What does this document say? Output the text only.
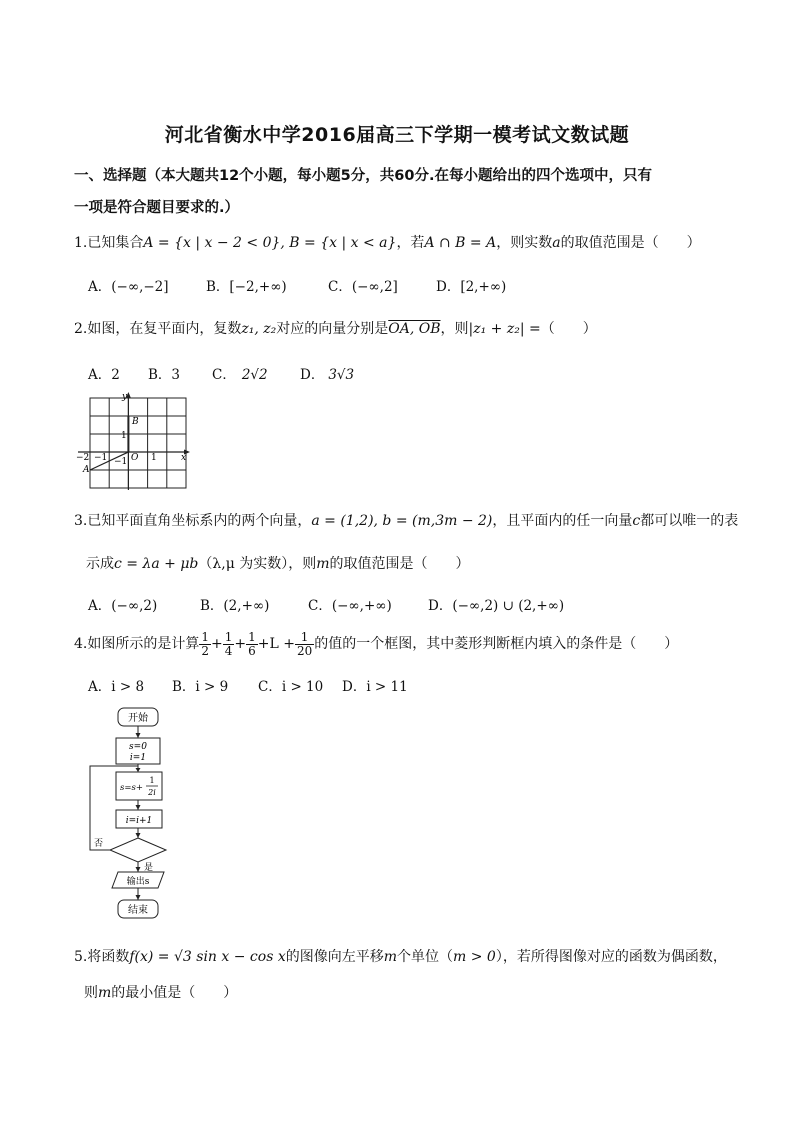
河北省衡水中学2016届高三下学期一模考试文数试题
一、选择题（本大题共12个小题，每小题5分，共60分.在每小题给出的四个选项中，只有
一项是符合题目要求的.）
1.已知集合A = {x | x − 2 < 0}, B = {x | x < a}，若A ∩ B = A，则实数a的取值范围是（　　）
A．(−∞,−2]	B．[−2,+∞)	C．(−∞,2]	D．[2,+∞)
2.如图，在复平面内，复数z₁, z₂对应的向量分别是OA, OB，则|z₁ + z₂| =（　　）
A．2 B．3 C． 2√2 D． 3√3
y
x
O
B
A
1
1
−1
−1
−2
3.已知平面直角坐标系内的两个向量，a = (1,2), b = (m,3m − 2)，且平面内的任一向量c都可以唯一的表
示成c = λa + μb（λ,μ 为实数），则m的取值范围是（　　）
A．(−∞,2)	B．(2,+∞)	C．(−∞,+∞)	D．(−∞,2) ∪ (2,+∞)
4.如图所示的是计算 $\frac{1}{2} + \frac{1}{4} + \frac{1}{6} +L + \frac{1}{20}$ 的值的一个框图，其中菱形判断框内填入的条件是（　　）
A．i > 8 B．i > 9 C．i > 10 D．i > 11
开始
s=0
i=1
s=s+
1
2i
i=i+1
否
是
输出s
结束
5.将函数f(x) = √3 sin x − cos x的图像向左平移m个单位（m > 0），若所得图像对应的函数为偶函数，
则m的最小值是（　　）
